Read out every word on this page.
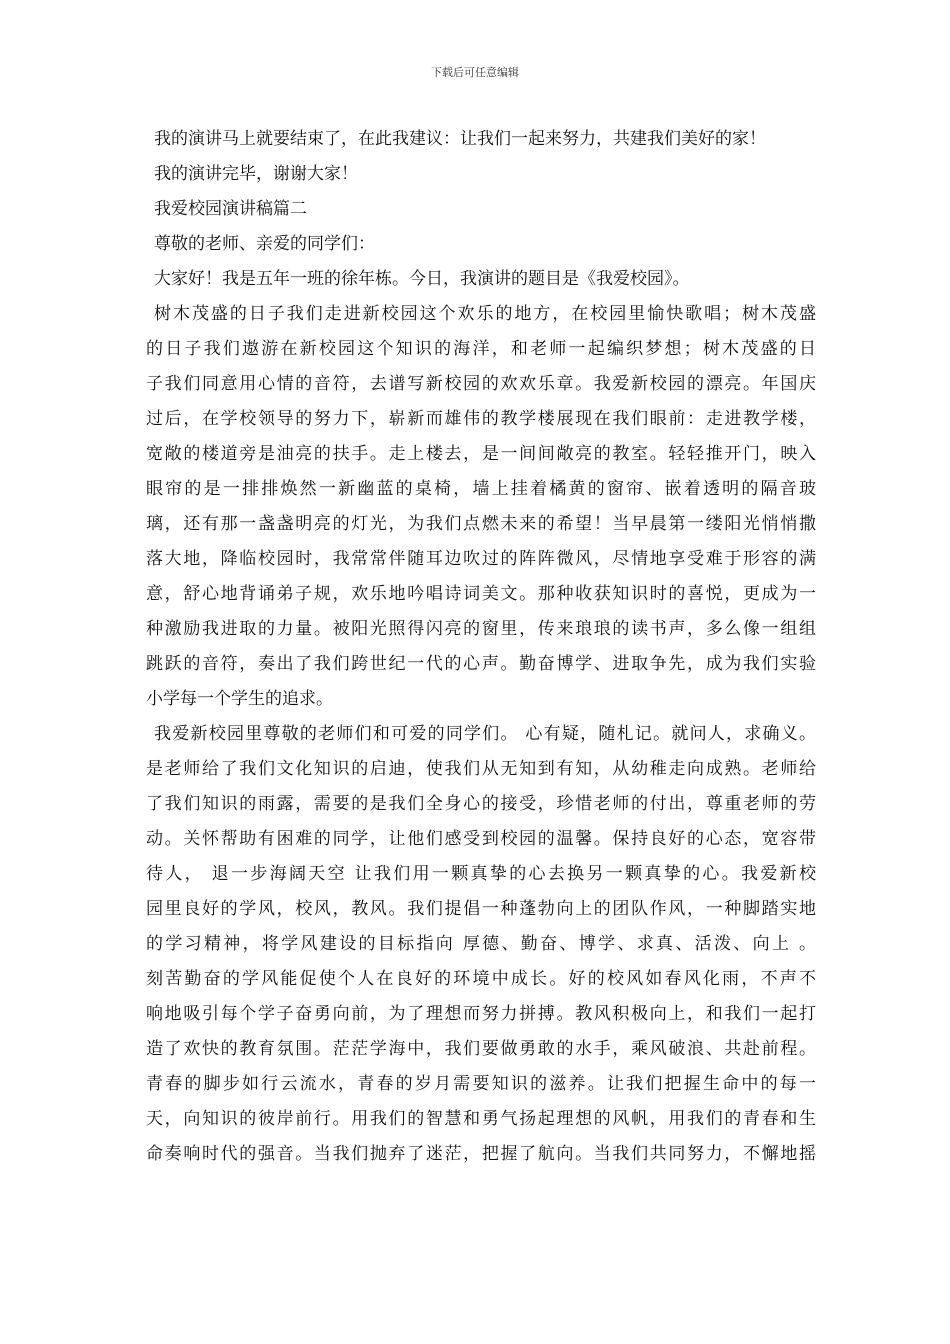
下载后可任意编辑
我的演讲马上就要结束了，在此我建议：让我们一起来努力，共建我们美好的家！
我的演讲完毕，谢谢大家！
我爱校园演讲稿篇二
尊敬的老师、亲爱的同学们：
大家好！我是五年一班的徐年栋。今日，我演讲的题目是《我爱校园》。
树木茂盛的日子我们走进新校园这个欢乐的地方，在校园里愉快歌唱；树木茂盛
的日子我们遨游在新校园这个知识的海洋，和老师一起编织梦想；树木茂盛的日
子我们同意用心情的音符，去谱写新校园的欢欢乐章。我爱新校园的漂亮。年国庆
过后，在学校领导的努力下，崭新而雄伟的教学楼展现在我们眼前：走进教学楼，
宽敞的楼道旁是油亮的扶手。走上楼去，是一间间敞亮的教室。轻轻推开门，映入
眼帘的是一排排焕然一新幽蓝的桌椅，墙上挂着橘黄的窗帘、嵌着透明的隔音玻
璃，还有那一盏盏明亮的灯光，为我们点燃未来的希望！当早晨第一缕阳光悄悄撒
落大地，降临校园时，我常常伴随耳边吹过的阵阵微风，尽情地享受难于形容的满
意，舒心地背诵弟子规，欢乐地吟唱诗词美文。那种收获知识时的喜悦，更成为一
种激励我进取的力量。被阳光照得闪亮的窗里，传来琅琅的读书声，多么像一组组
跳跃的音符，奏出了我们跨世纪一代的心声。勤奋博学、进取争先，成为我们实验
小学每一个学生的追求。
我爱新校园里尊敬的老师们和可爱的同学们。 心有疑，随札记。就问人，求确义。
是老师给了我们文化知识的启迪，使我们从无知到有知，从幼稚走向成熟。老师给
了我们知识的雨露，需要的是我们全身心的接受，珍惜老师的付出，尊重老师的劳
动。关怀帮助有困难的同学，让他们感受到校园的温馨。保持良好的心态，宽容带
待人， 退一步海阔天空 让我们用一颗真挚的心去换另一颗真挚的心。我爱新校
园里良好的学风，校风，教风。我们提倡一种蓬勃向上的团队作风，一种脚踏实地
的学习精神，将学风建设的目标指向 厚德、勤奋、博学、求真、活泼、向上 。
刻苦勤奋的学风能促使个人在良好的环境中成长。好的校风如春风化雨，不声不
响地吸引每个学子奋勇向前，为了理想而努力拼搏。教风积极向上，和我们一起打
造了欢快的教育氛围。茫茫学海中，我们要做勇敢的水手，乘风破浪、共赴前程。
青春的脚步如行云流水，青春的岁月需要知识的滋养。让我们把握生命中的每一
天，向知识的彼岸前行。用我们的智慧和勇气扬起理想的风帆，用我们的青春和生
命奏响时代的强音。当我们抛弃了迷茫，把握了航向。当我们共同努力，不懈地摇
